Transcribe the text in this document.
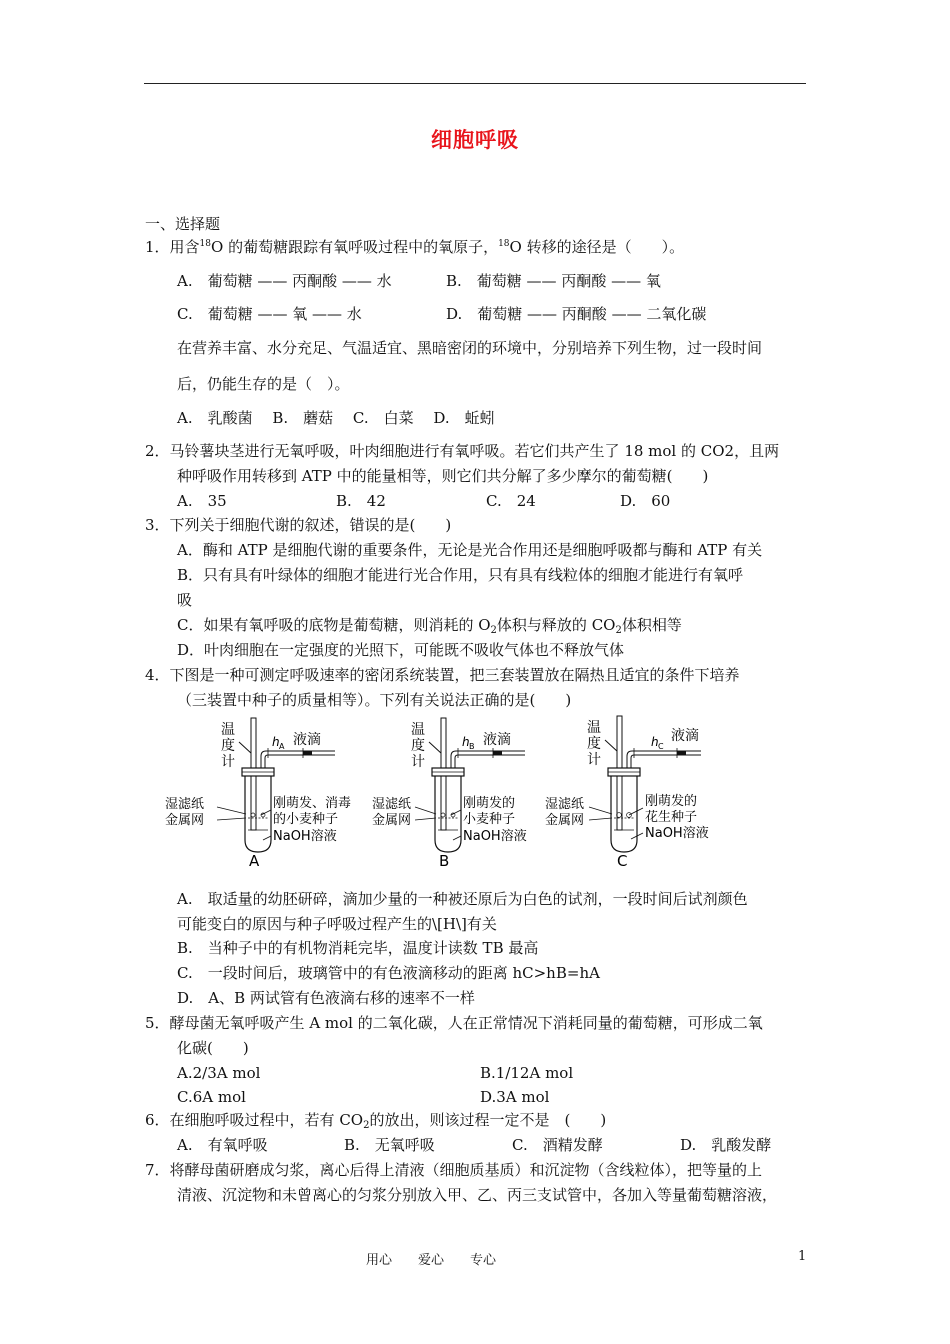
细胞呼吸
一、选择题
1．用含$^{18}$O 的葡萄糖跟踪有氧呼吸过程中的氧原子，$^{18}$O 转移的途径是（　　）。
A.　葡萄糖 —— 丙酮酸 —— 水	B.　葡萄糖 —— 丙酮酸 —— 氧
C.　葡萄糖 —— 氧 —— 水	D.　葡萄糖 —— 丙酮酸 —— 二氧化碳
在营养丰富、水分充足、气温适宜、黑暗密闭的环境中，分别培养下列生物，过一段时间
后，仍能生存的是（　）。
A.　乳酸菌　 B.　蘑菇　 C.　白菜　 D.　蚯蚓
2．马铃薯块茎进行无氧呼吸，叶肉细胞进行有氧呼吸。若它们共产生了 18 mol 的 CO2，且两
种呼吸作用转移到 ATP 中的能量相等，则它们共分解了多少摩尔的葡萄糖(　　)
A.　35	B.　42	C.　24	D.　60
3．下列关于细胞代谢的叙述，错误的是(　　)
A．酶和 ATP 是细胞代谢的重要条件，无论是光合作用还是细胞呼吸都与酶和 ATP 有关
B．只有具有叶绿体的细胞才能进行光合作用，只有具有线粒体的细胞才能进行有氧呼
吸
C．如果有氧呼吸的底物是葡萄糖，则消耗的 $O_2$体积与释放的 $CO_2$体积相等
D．叶肉细胞在一定强度的光照下，可能既不吸收气体也不释放气体
4．下图是一种可测定呼吸速率的密闭系统装置，把三套装置放在隔热且适宜的条件下培养
（三装置中种子的质量相等）。下列有关说法正确的是(　　)
温
度
计
h A 液滴
湿滤纸
金属网
刚萌发、消毒
的小麦种子
NaOH溶液
A
温
度
计
h B 液滴
湿滤纸
金属网
刚萌发的
小麦种子
NaOH溶液
B
温
度
计
h C
液滴
湿滤纸
金属网
刚萌发的
花生种子
NaOH溶液
C
A.　取适量的幼胚研碎，滴加少量的一种被还原后为白色的试剂，一段时间后试剂颜色
可能变白的原因与种子呼吸过程产生的\[H\]有关
B.　当种子中的有机物消耗完毕，温度计读数 TB 最高
C.　一段时间后，玻璃管中的有色液滴移动的距离 hC>hB=hA
D.　A、B 两试管有色液滴右移的速率不一样
5．酵母菌无氧呼吸产生 A mol 的二氧化碳，人在正常情况下消耗同量的葡萄糖，可形成二氧
化碳(　　)
A.2/3A mol	B.1/12A mol
C.6A mol	D.3A mol
6．在细胞呼吸过程中，若有 $CO_2$的放出，则该过程一定不是　(　　)
A.　有氧呼吸	B.　无氧呼吸	C.　酒精发酵	D.　乳酸发酵
7．将酵母菌研磨成匀浆，离心后得上清液（细胞质基质）和沉淀物（含线粒体），把等量的上
清液、沉淀物和未曾离心的匀浆分别放入甲、乙、丙三支试管中，各加入等量葡萄糖溶液，
用心　　爱心　　专心	1
